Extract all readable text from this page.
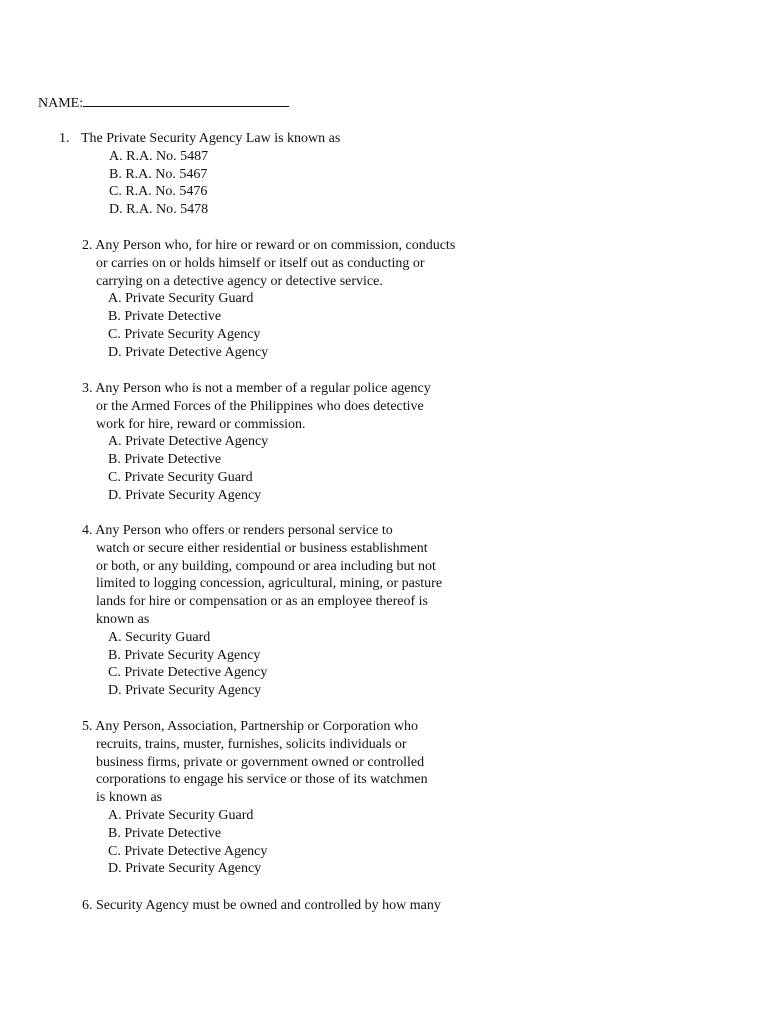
NAME:
1. The Private Security Agency Law is known as
A. R.A. No. 5487
B. R.A. No. 5467
C. R.A. No. 5476
D. R.A. No. 5478
2. Any Person who, for hire or reward or on commission, conducts
or carries on or holds himself or itself out as conducting or
carrying on a detective agency or detective service.
A. Private Security Guard
B. Private Detective
C. Private Security Agency
D. Private Detective Agency
3. Any Person who is not a member of a regular police agency
or the Armed Forces of the Philippines who does detective
work for hire, reward or commission.
A. Private Detective Agency
B. Private Detective
C. Private Security Guard
D. Private Security Agency
4. Any Person who offers or renders personal service to
watch or secure either residential or business establishment
or both, or any building, compound or area including but not
limited to logging concession, agricultural, mining, or pasture
lands for hire or compensation or as an employee thereof is
known as
A. Security Guard
B. Private Security Agency
C. Private Detective Agency
D. Private Security Agency
5. Any Person, Association, Partnership or Corporation who
recruits, trains, muster, furnishes, solicits individuals or
business firms, private or government owned or controlled
corporations to engage his service or those of its watchmen
is known as
A. Private Security Guard
B. Private Detective
C. Private Detective Agency
D. Private Security Agency
6. Security Agency must be owned and controlled by how many
